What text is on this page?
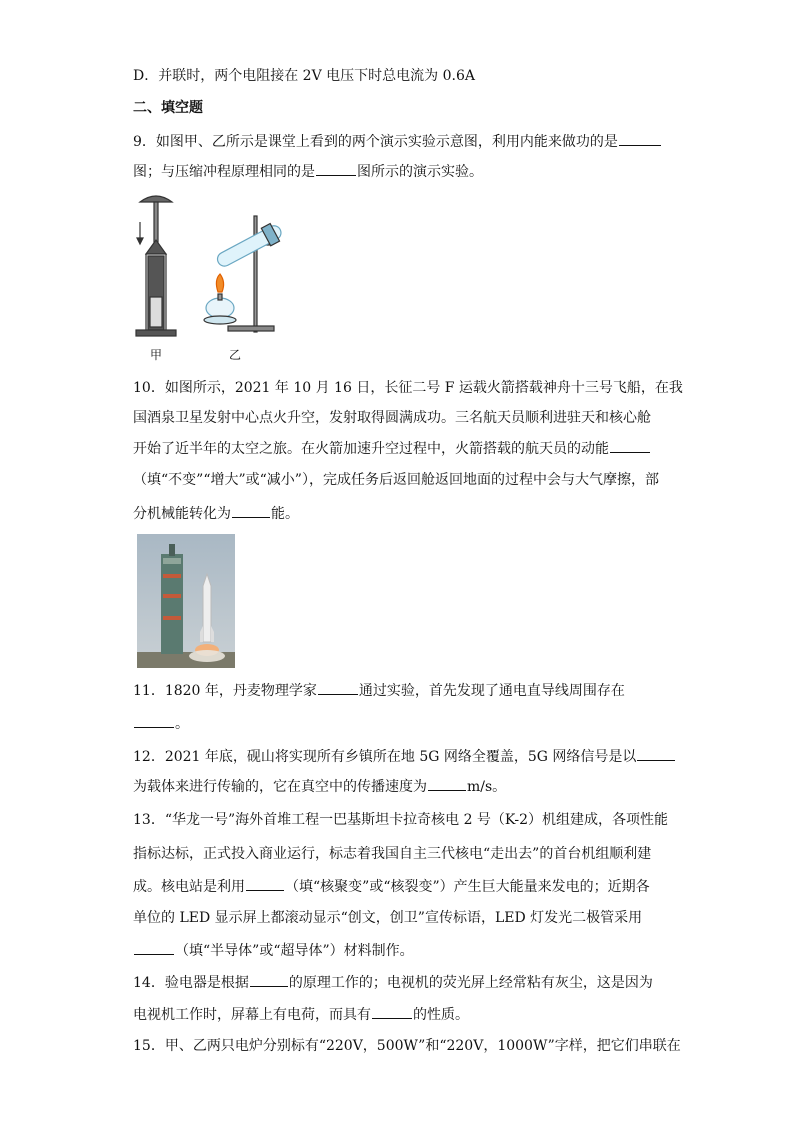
D．并联时，两个电阻接在 2V 电压下时总电流为 0.6A
二、填空题
9．如图甲、乙所示是课堂上看到的两个演示实验示意图，利用内能来做功的是
图；与压缩冲程原理相同的是	图所示的演示实验。
甲	乙
10．如图所示，2021 年 10 月 16 日，长征二号 F 运载火箭搭载神舟十三号飞船，在我
国酒泉卫星发射中心点火升空，发射取得圆满成功。三名航天员顺利进驻天和核心舱
开始了近半年的太空之旅。在火箭加速升空过程中，火箭搭载的航天员的动能
（填“不变”“增大”或“减小”），完成任务后返回舱返回地面的过程中会与大气摩擦，部
分机械能转化为	能。
11．1820 年，丹麦物理学家	通过实验，首先发现了通电直导线周围存在
。
12．2021 年底，砚山将实现所有乡镇所在地 5G 网络全覆盖，5G 网络信号是以
为载体来进行传输的，它在真空中的传播速度为	m/s。
13．“华龙一号”海外首堆工程一巴基斯坦卡拉奇核电 2 号（K-2）机组建成，各项性能
指标达标，正式投入商业运行，标志着我国自主三代核电“走出去”的首台机组顺利建
成。核电站是利用	（填“核聚变”或“核裂变”）产生巨大能量来发电的；近期各
单位的 LED 显示屏上都滚动显示“创文，创卫”宣传标语，LED 灯发光二极管采用
（填“半导体”或“超导体”）材料制作。
14．验电器是根据	的原理工作的；电视机的荧光屏上经常粘有灰尘，这是因为
电视机工作时，屏幕上有电荷，而具有	的性质。
15．甲、乙两只电炉分别标有“220V，500W”和“220V，1000W”字样，把它们串联在
